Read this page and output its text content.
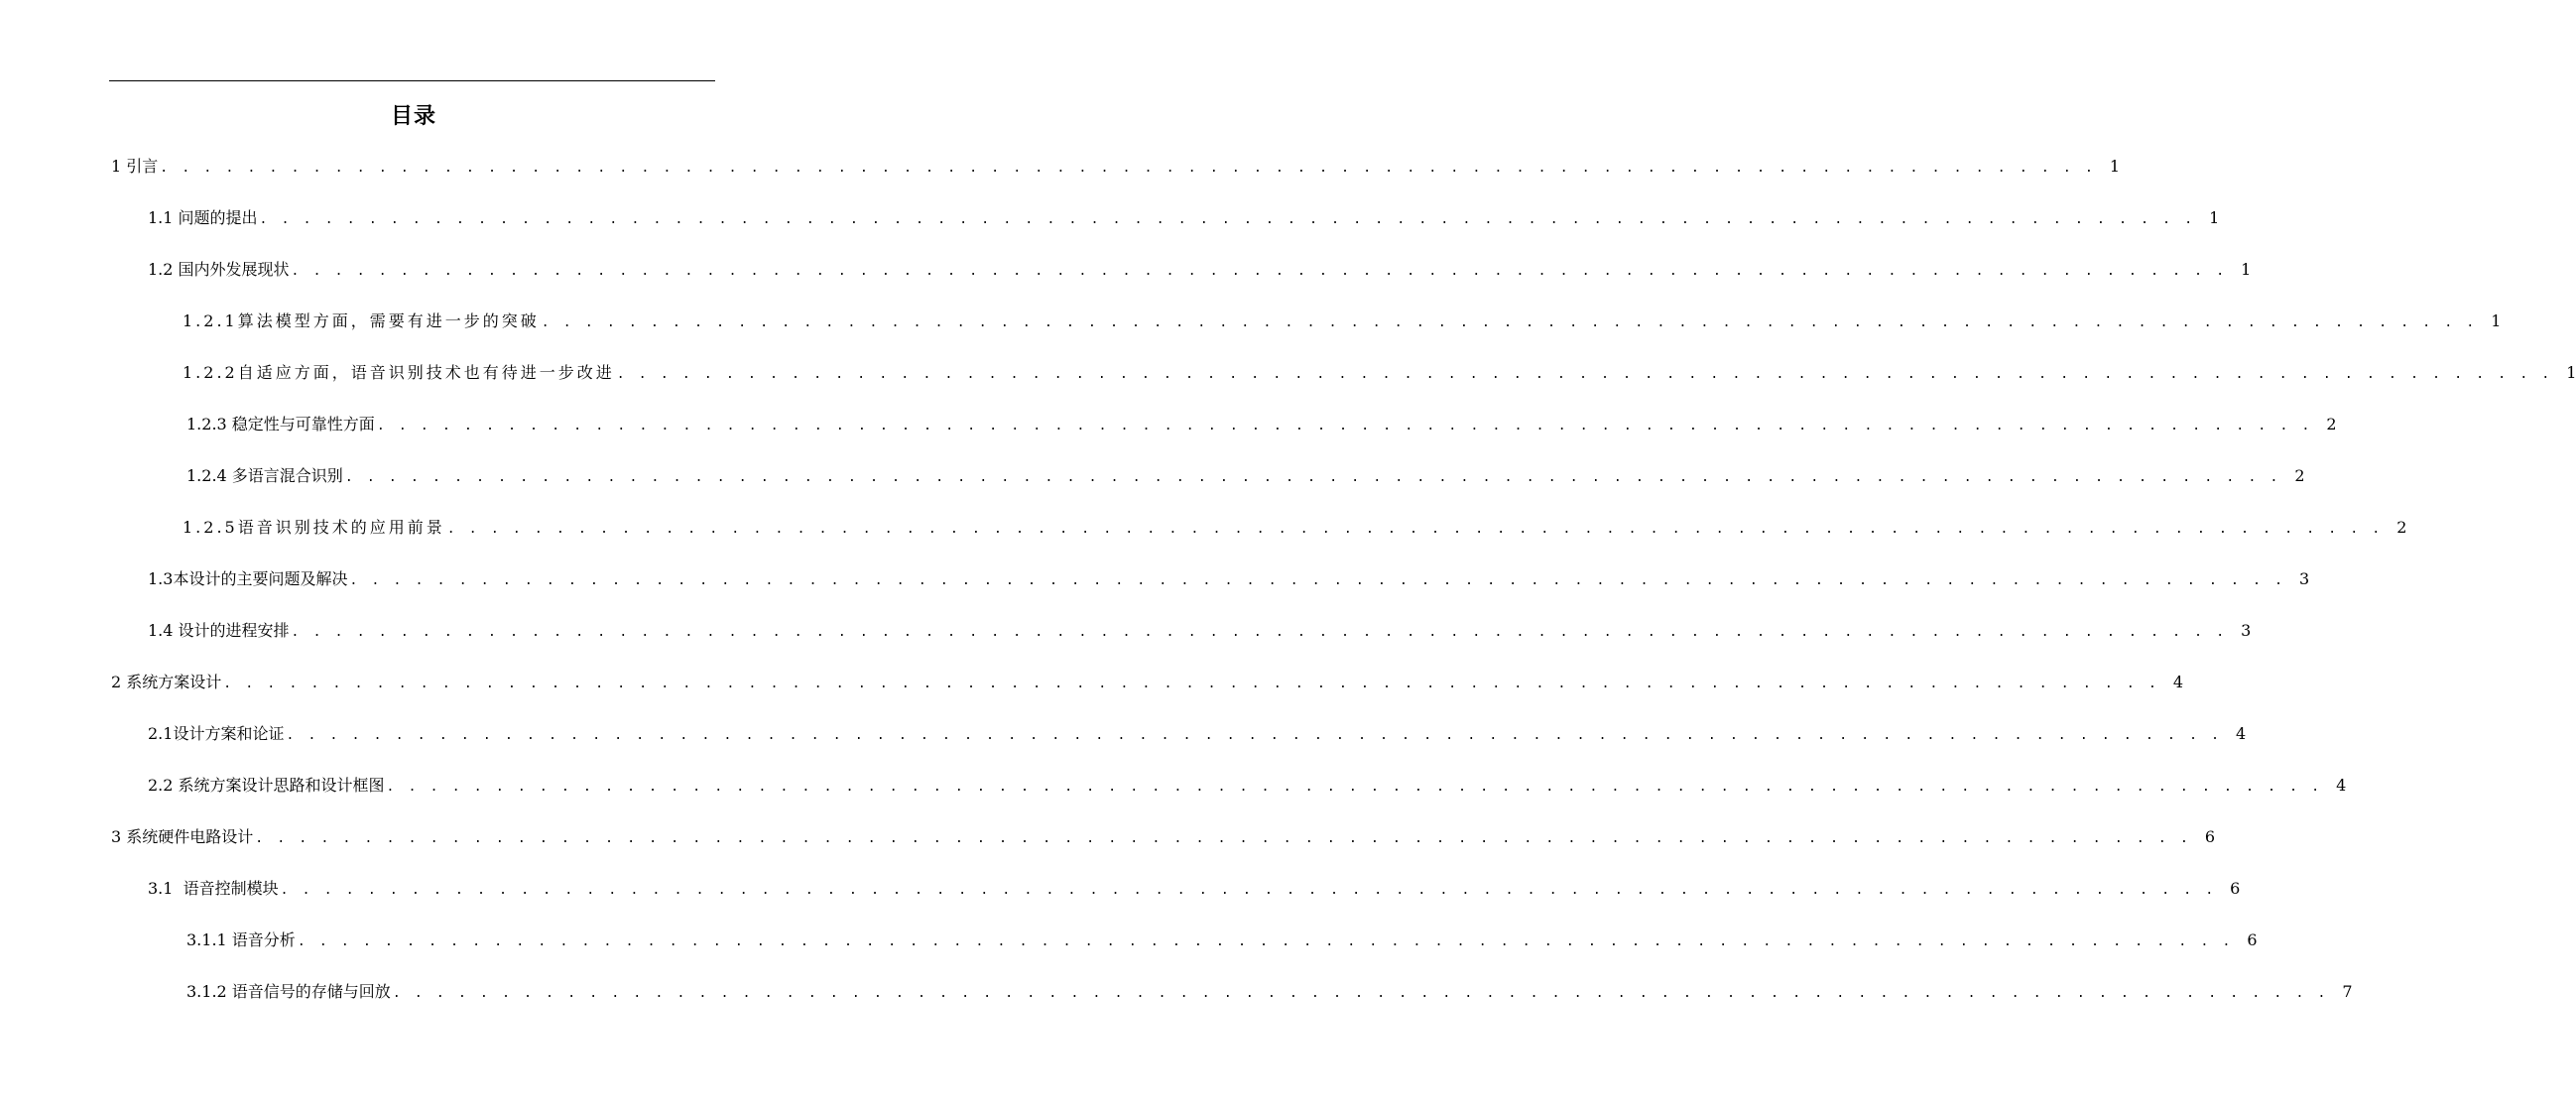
目录
1 引言 . . . . . . . . . . . . . . . . . . . . . . . . . . . . . . . . . . . . . . . . . . . . . . . . . . . . . . . . . . . . . . . . . . . . . . . . . . . . . . . . . . . . . . . . . 1
1.1 问题的提出 . . . . . . . . . . . . . . . . . . . . . . . . . . . . . . . . . . . . . . . . . . . . . . . . . . . . . . . . . . . . . . . . . . . . . . . . . . . . . . . . . . . . . . . . . 1
1.2 国内外发展现状 . . . . . . . . . . . . . . . . . . . . . . . . . . . . . . . . . . . . . . . . . . . . . . . . . . . . . . . . . . . . . . . . . . . . . . . . . . . . . . . . . . . . . . . . . 1
1.2.1算法模型方面，需要有进一步的突破 . . . . . . . . . . . . . . . . . . . . . . . . . . . . . . . . . . . . . . . . . . . . . . . . . . . . . . . . . . . . . . . . . . . . . . . . . . . . . . . . . . . . . . . . . 1
1.2.2自适应方面，语音识别技术也有待进一步改进 . . . . . . . . . . . . . . . . . . . . . . . . . . . . . . . . . . . . . . . . . . . . . . . . . . . . . . . . . . . . . . . . . . . . . . . . . . . . . . . . . . . . . . . . . 1
1.2.3 稳定性与可靠性方面 . . . . . . . . . . . . . . . . . . . . . . . . . . . . . . . . . . . . . . . . . . . . . . . . . . . . . . . . . . . . . . . . . . . . . . . . . . . . . . . . . . . . . . . . . 2
1.2.4 多语言混合识别 . . . . . . . . . . . . . . . . . . . . . . . . . . . . . . . . . . . . . . . . . . . . . . . . . . . . . . . . . . . . . . . . . . . . . . . . . . . . . . . . . . . . . . . . . 2
1.2.5语音识别技术的应用前景 . . . . . . . . . . . . . . . . . . . . . . . . . . . . . . . . . . . . . . . . . . . . . . . . . . . . . . . . . . . . . . . . . . . . . . . . . . . . . . . . . . . . . . . . . 2
1.3本设计的主要问题及解决 . . . . . . . . . . . . . . . . . . . . . . . . . . . . . . . . . . . . . . . . . . . . . . . . . . . . . . . . . . . . . . . . . . . . . . . . . . . . . . . . . . . . . . . . . 3
1.4 设计的进程安排 . . . . . . . . . . . . . . . . . . . . . . . . . . . . . . . . . . . . . . . . . . . . . . . . . . . . . . . . . . . . . . . . . . . . . . . . . . . . . . . . . . . . . . . . . 3
2 系统方案设计 . . . . . . . . . . . . . . . . . . . . . . . . . . . . . . . . . . . . . . . . . . . . . . . . . . . . . . . . . . . . . . . . . . . . . . . . . . . . . . . . . . . . . . . . . 4
2.1设计方案和论证 . . . . . . . . . . . . . . . . . . . . . . . . . . . . . . . . . . . . . . . . . . . . . . . . . . . . . . . . . . . . . . . . . . . . . . . . . . . . . . . . . . . . . . . . . 4
2.2 系统方案设计思路和设计框图 . . . . . . . . . . . . . . . . . . . . . . . . . . . . . . . . . . . . . . . . . . . . . . . . . . . . . . . . . . . . . . . . . . . . . . . . . . . . . . . . . . . . . . . . . 4
3 系统硬件电路设计 . . . . . . . . . . . . . . . . . . . . . . . . . . . . . . . . . . . . . . . . . . . . . . . . . . . . . . . . . . . . . . . . . . . . . . . . . . . . . . . . . . . . . . . . . 6
3.1  语音控制模块 . . . . . . . . . . . . . . . . . . . . . . . . . . . . . . . . . . . . . . . . . . . . . . . . . . . . . . . . . . . . . . . . . . . . . . . . . . . . . . . . . . . . . . . . . 6
3.1.1 语音分析 . . . . . . . . . . . . . . . . . . . . . . . . . . . . . . . . . . . . . . . . . . . . . . . . . . . . . . . . . . . . . . . . . . . . . . . . . . . . . . . . . . . . . . . . . 6
3.1.2 语音信号的存储与回放 . . . . . . . . . . . . . . . . . . . . . . . . . . . . . . . . . . . . . . . . . . . . . . . . . . . . . . . . . . . . . . . . . . . . . . . . . . . . . . . . . . . . . . . . . 7
